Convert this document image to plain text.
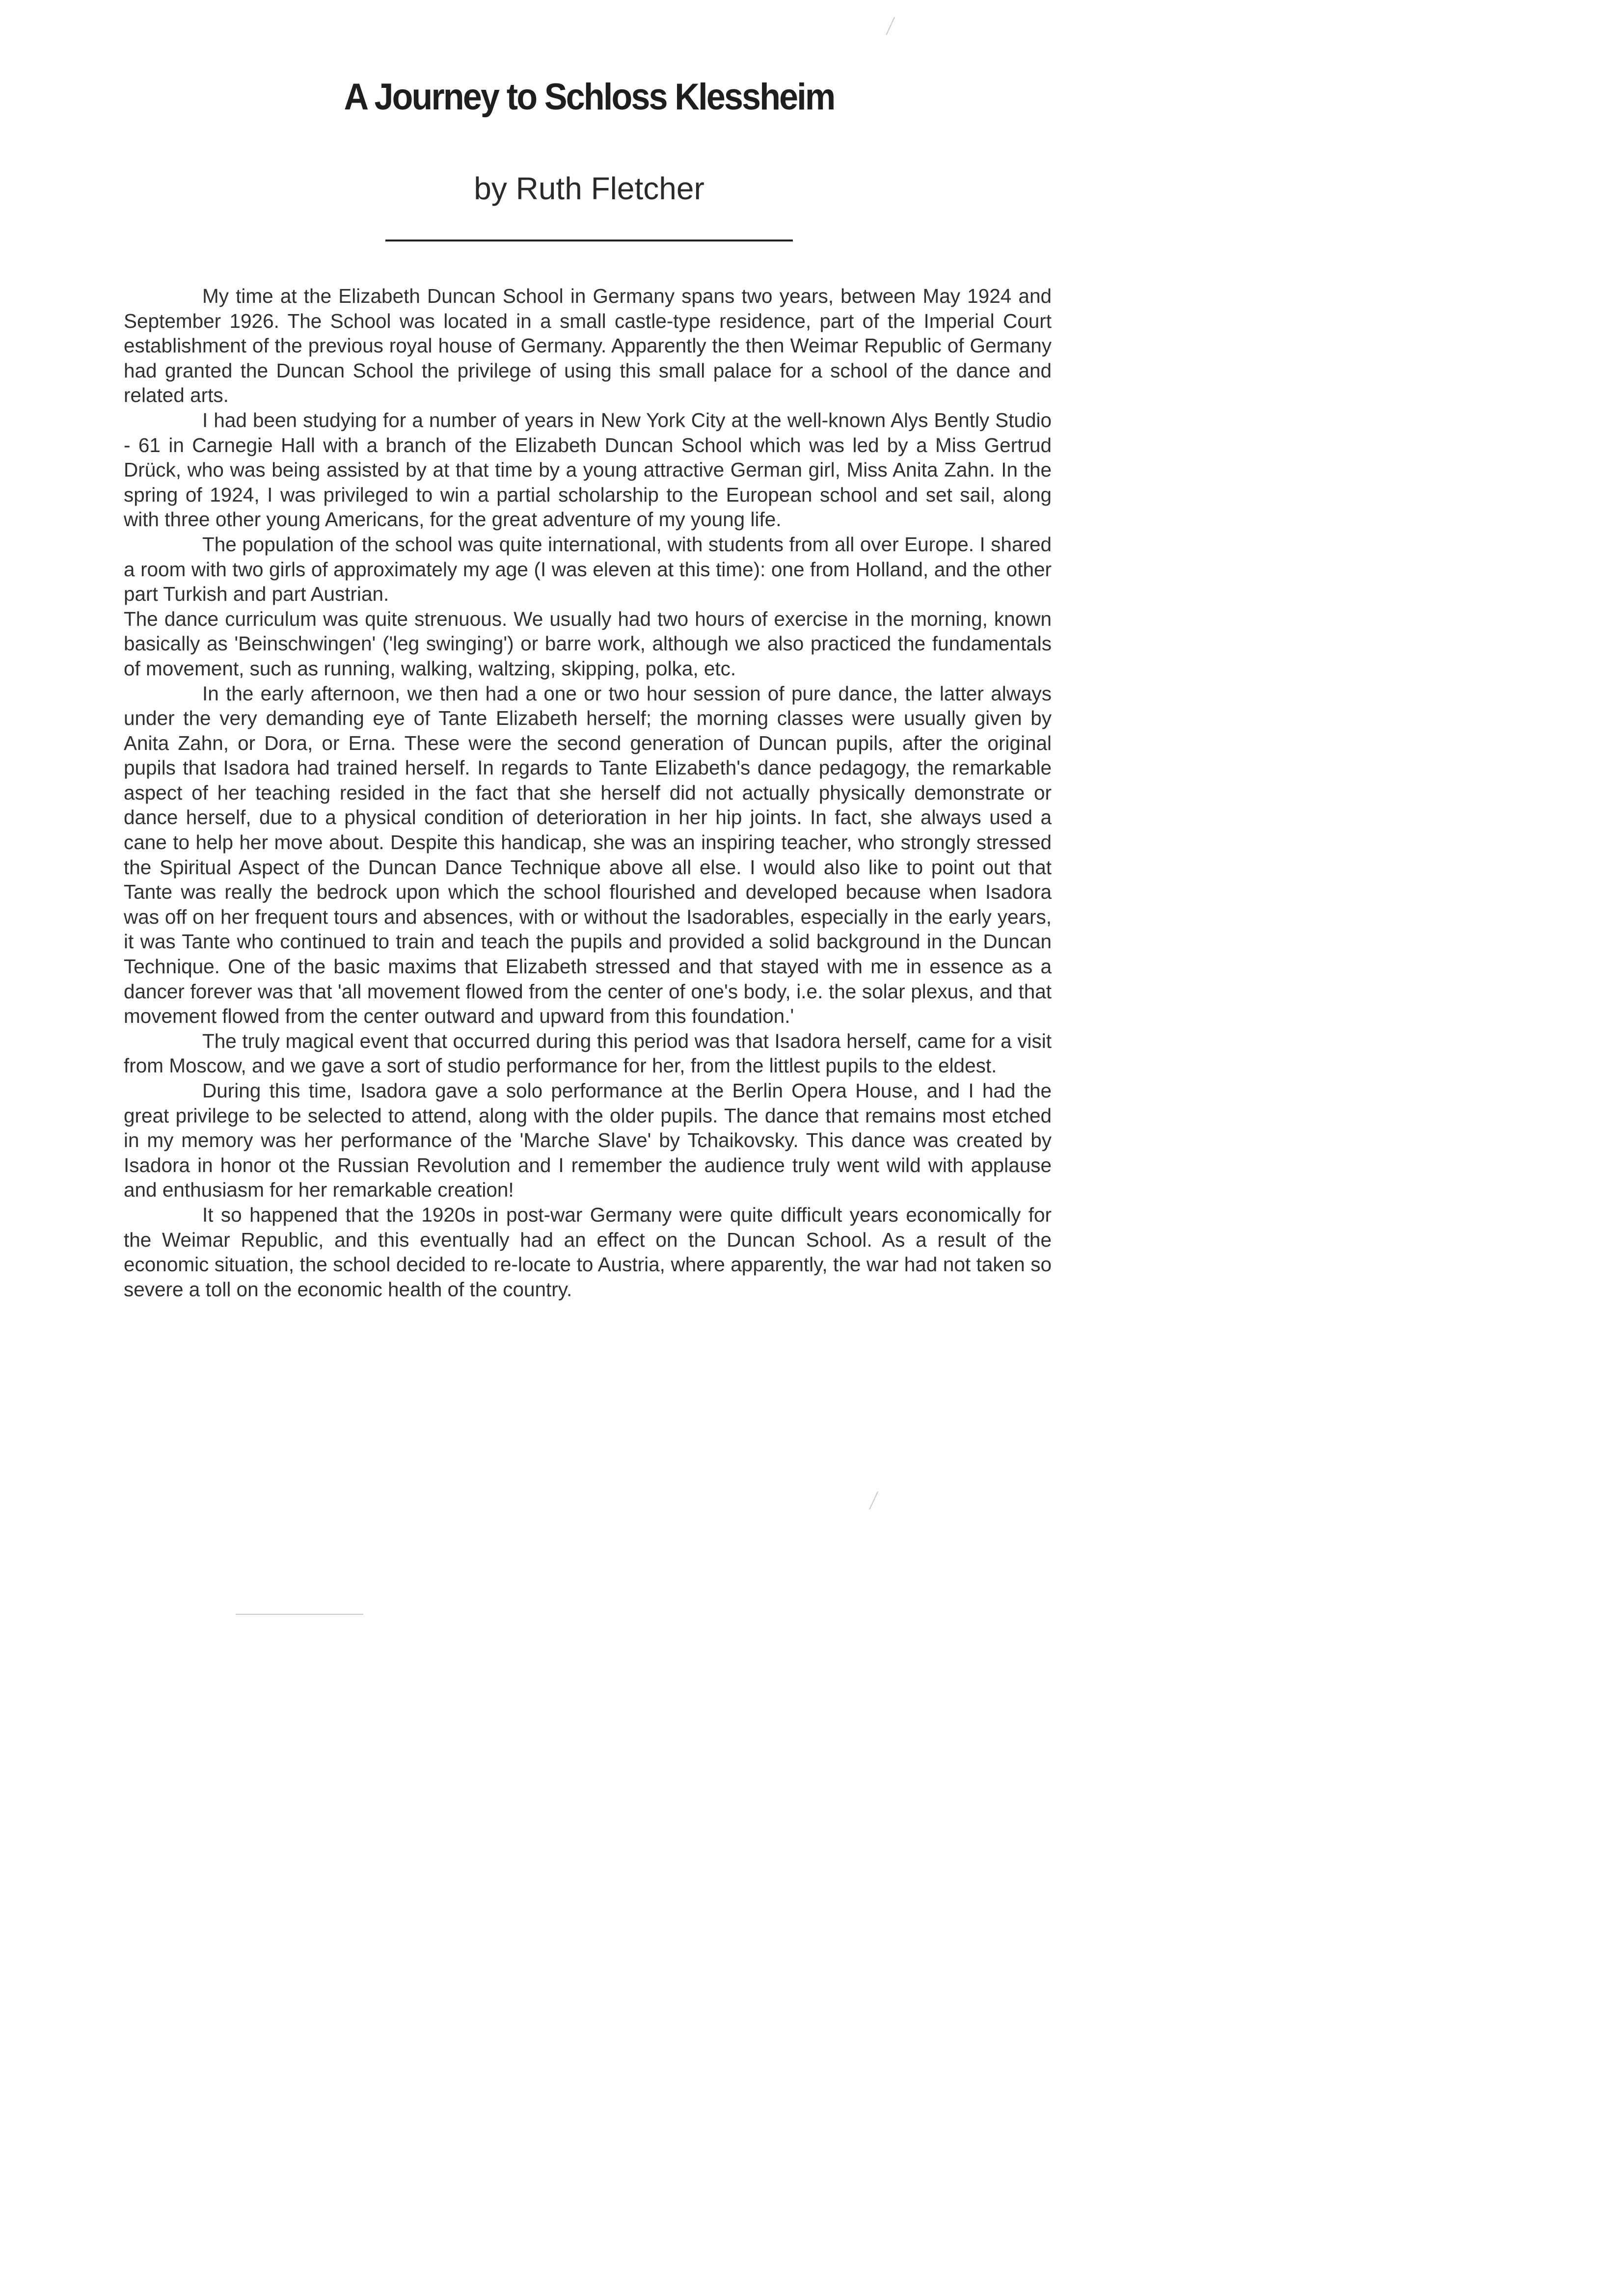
A Journey to Schloss Klessheim
by Ruth Fletcher

My time at the Elizabeth Duncan School in Germany spans two years, between May 1924 and September 1926. The School was located in a small castle-type residence, part of the Imperial Court establishment of the previous royal house of Germany. Apparently the then Weimar Republic of Germany had granted the Duncan School the privilege of using this small palace for a school of the dance and related arts.

I had been studying for a number of years in New York City at the well-known Alys Bently Studio - 61 in Carnegie Hall with a branch of the Elizabeth Duncan School which was led by a Miss Gertrud Drück, who was being assisted by at that time by a young attractive German girl, Miss Anita Zahn. In the spring of 1924, I was privileged to win a partial scholarship to the European school and set sail, along with three other young Americans, for the great adventure of my young life.

The population of the school was quite international, with students from all over Europe. I shared a room with two girls of approximately my age (I was eleven at this time): one from Holland, and the other part Turkish and part Austrian.

The dance curriculum was quite strenuous. We usually had two hours of exercise in the morning, known basically as 'Beinschwingen' ('leg swinging') or barre work, although we also practiced the fundamentals of movement, such as running, walking, waltzing, skipping, polka, etc.

In the early afternoon, we then had a one or two hour session of pure dance, the latter always under the very demanding eye of Tante Elizabeth herself; the morning classes were usually given by Anita Zahn, or Dora, or Erna. These were the second generation of Duncan pupils, after the original pupils that Isadora had trained herself. In regards to Tante Elizabeth's dance pedagogy, the remarkable aspect of her teaching resided in the fact that she herself did not actually physically demonstrate or dance herself, due to a physical condition of deterioration in her hip joints. In fact, she always used a cane to help her move about. Despite this handicap, she was an inspiring teacher, who strongly stressed the Spiritual Aspect of the Duncan Dance Technique above all else. I would also like to point out that Tante was really the bedrock upon which the school flourished and developed because when Isadora was off on her frequent tours and absences, with or without the Isadorables, especially in the early years, it was Tante who continued to train and teach the pupils and provided a solid background in the Duncan Technique. One of the basic maxims that Elizabeth stressed and that stayed with me in essence as a dancer forever was that 'all movement flowed from the center of one's body, i.e. the solar plexus, and that movement flowed from the center outward and upward from this foundation.'

The truly magical event that occurred during this period was that Isadora herself, came for a visit from Moscow, and we gave a sort of studio performance for her, from the littlest pupils to the eldest.

During this time, Isadora gave a solo performance at the Berlin Opera House, and I had the great privilege to be selected to attend, along with the older pupils. The dance that remains most etched in my memory was her performance of the 'Marche Slave' by Tchaikovsky. This dance was created by Isadora in honor ot the Russian Revolution and I remember the audience truly went wild with applause and enthusiasm for her remarkable creation!

It so happened that the 1920s in post-war Germany were quite difficult years economically for the Weimar Republic, and this eventually had an effect on the Duncan School. As a result of the economic situation, the school decided to re-locate to Austria, where apparently, the war had not taken so severe a toll on the economic health of the country.
